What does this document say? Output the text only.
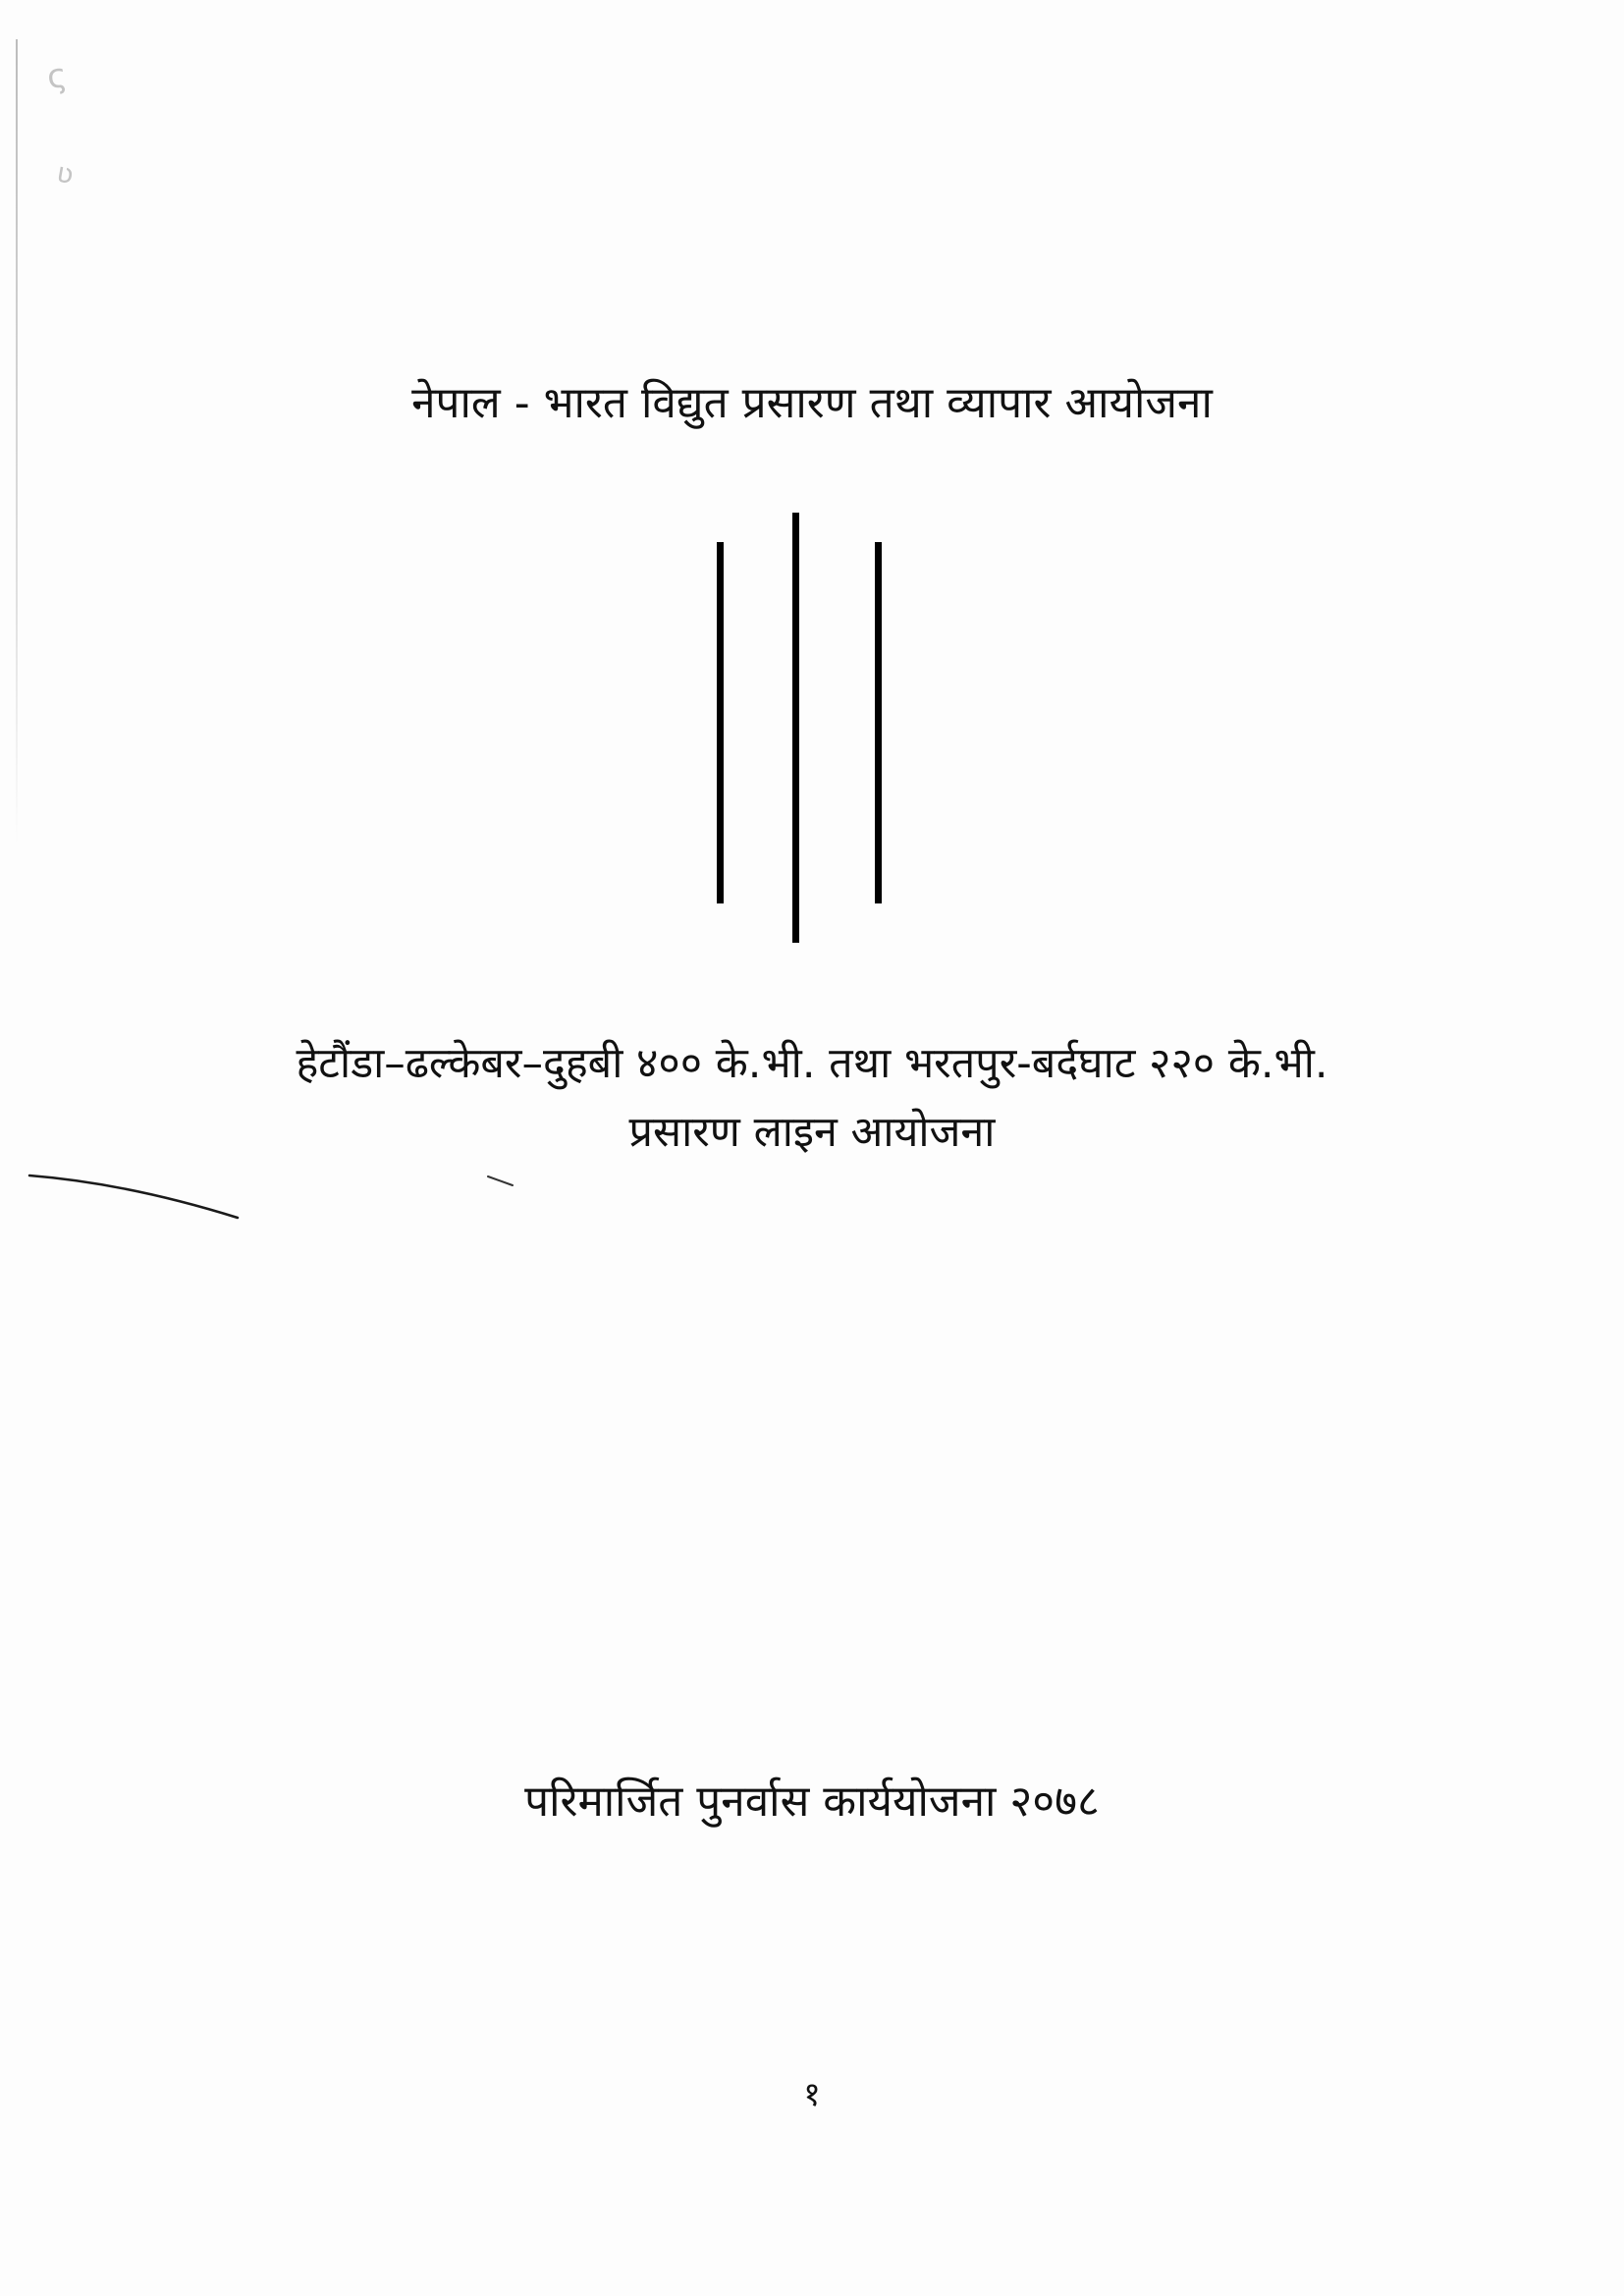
ς
ʋ
नेपाल - भारत विद्युत प्रसारण तथा व्यापार आयोजना
हेटौंडा–ढल्केबर–दुहबी ४०० के.भी. तथा भरतपुर-बर्दघाट २२० के.भी.
प्रसारण लाइन आयोजना
परिमार्जित पुनर्वास कार्ययोजना २०७८
१
